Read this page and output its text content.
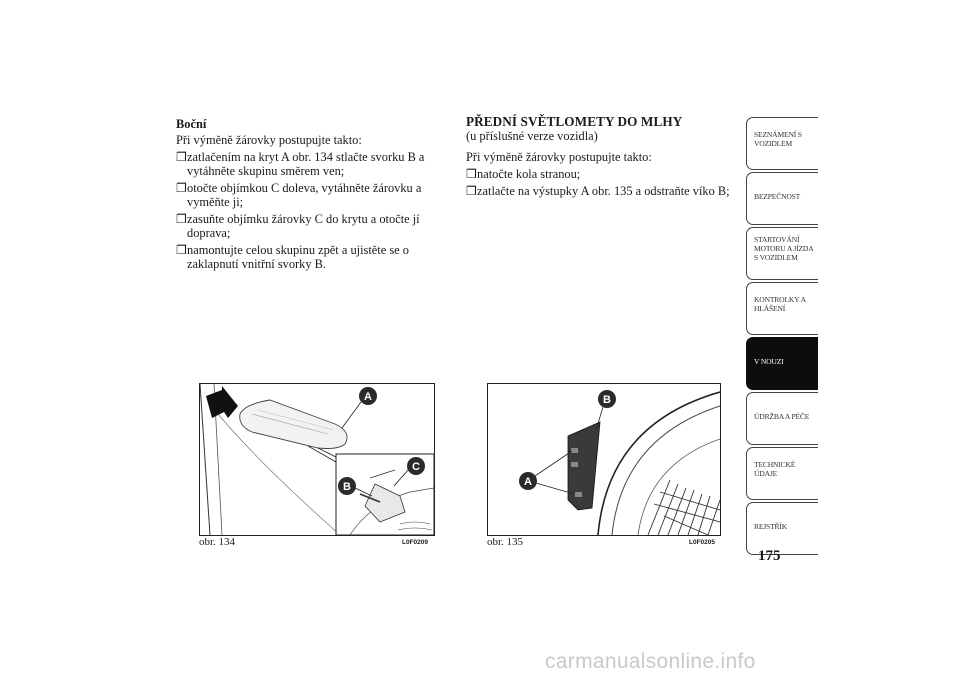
Boční
Při výměně žárovky postupujte takto:
❒ zatlačením na kryt A obr. 134 stlačte svorku B a vytáhněte skupinu směrem ven;
❒ otočte objímkou C doleva, vytáhněte žárovku a vyměňte ji;
❒ zasuňte objímku žárovky C do krytu a otočte jí doprava;
❒ namontujte celou skupinu zpět a ujistěte se o zaklapnutí vnitřní svorky B.
PŘEDNÍ SVĚTLOMETY DO MLHY
(u příslušné verze vozidla)
Při výměně žárovky postupujte takto:
❒ natočte kola stranou;
❒ zatlačte na výstupky A obr. 135 a odstraňte víko B;
A
B
C
obr. 134	L0F0209
B
A
obr. 135	L0F0205
SEZNÁMENÍ S
VOZIDLEM
BEZPEČNOST
STARTOVÁNÍ
MOTORU A JÍZDA
S VOZIDLEM
KONTROLKY A
HLÁŠENÍ
V NOUZI
ÚDRŽBA A PÉČE
TECHNICKÉ
ÚDAJE
REJSTŘÍK
175
carmanualsonline.info
